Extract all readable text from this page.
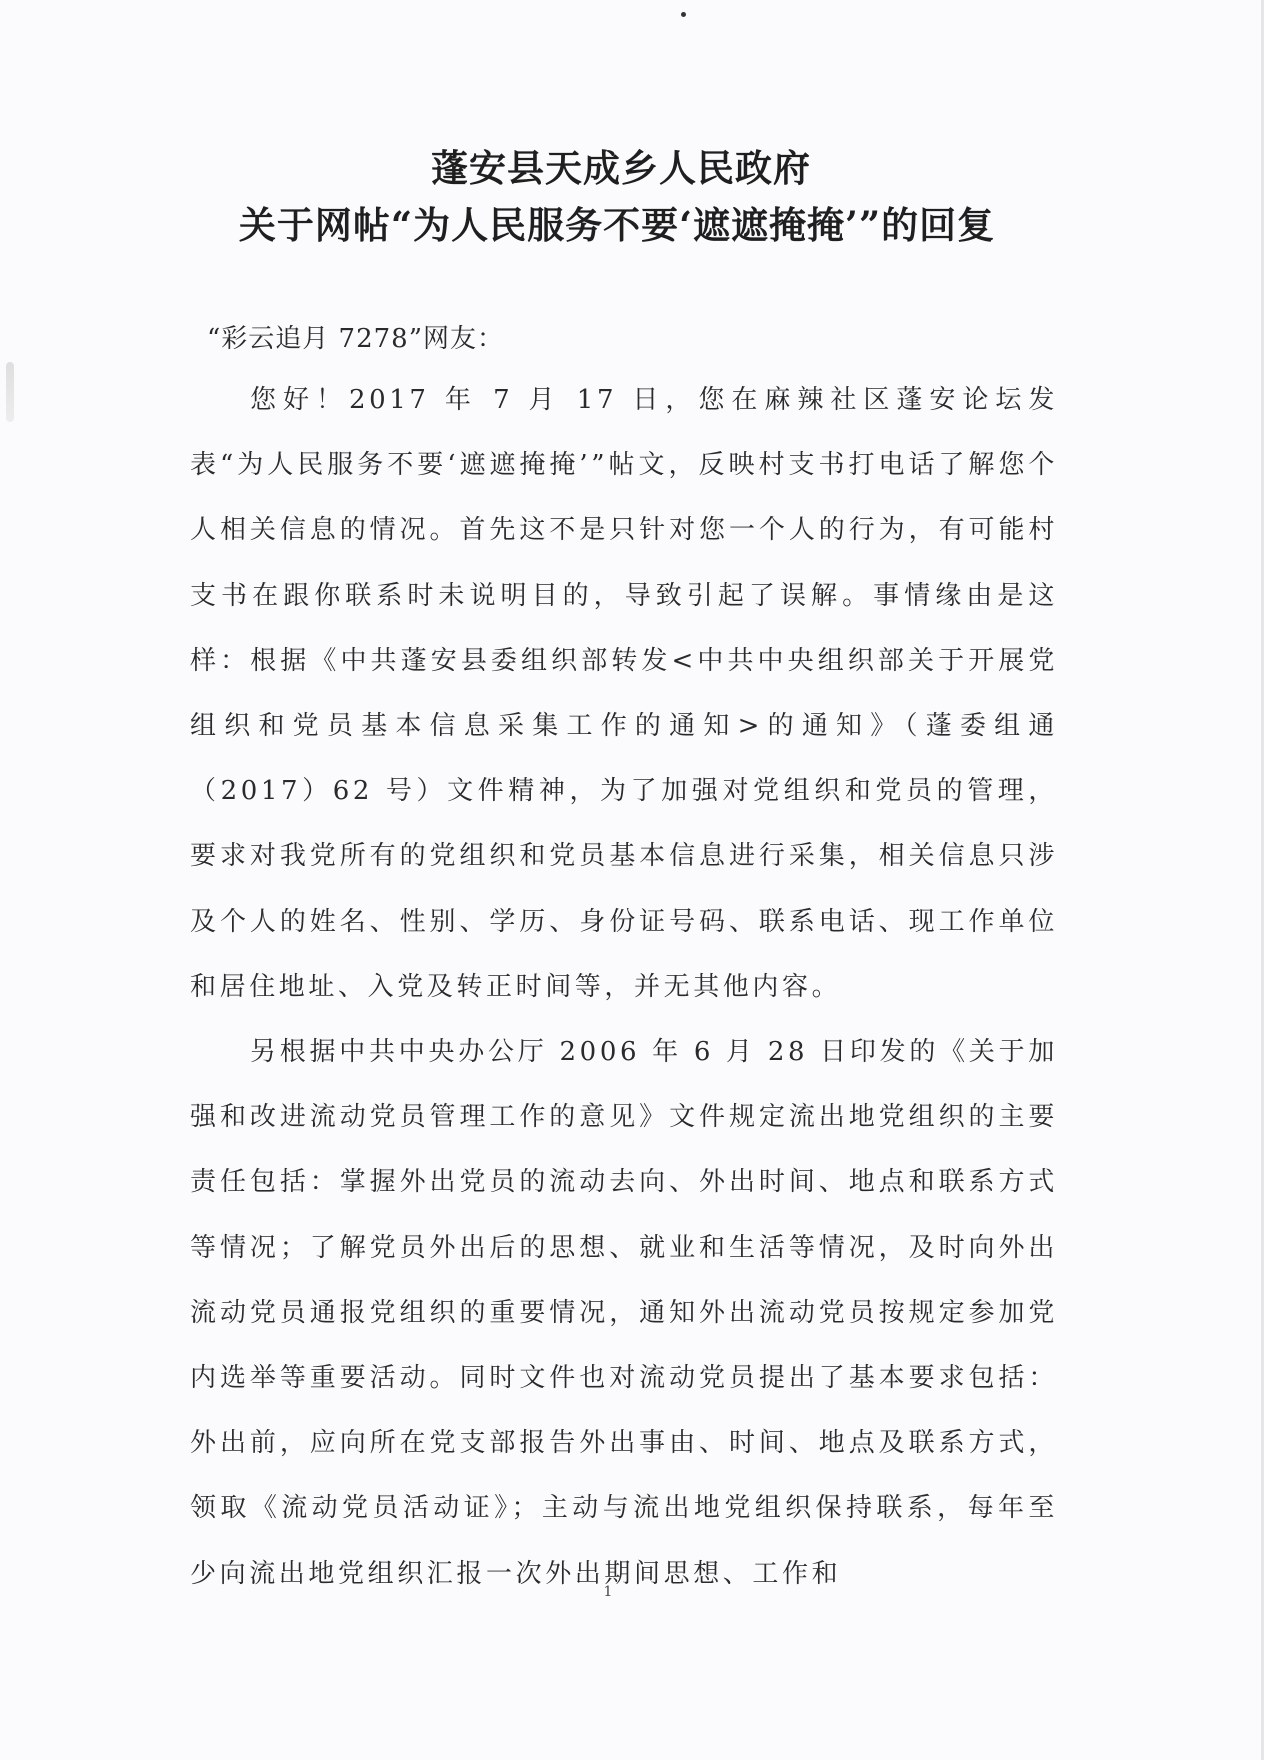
蓬安县天成乡人民政府
关于网帖“为人民服务不要‘遮遮掩掩’”的回复
“彩云追月 7278”网友：

您好！2017 年 7 月 17 日，您在麻辣社区蓬安论坛发表“为人民服务不要‘遮遮掩掩’”帖文，反映村支书打电话了解您个人相关信息的情况。首先这不是只针对您一个人的行为，有可能村支书在跟你联系时未说明目的，导致引起了误解。事情缘由是这样：根据《中共蓬安县委组织部转发<中共中央组织部关于开展党组织和党员基本信息采集工作的通知>的通知》（蓬委组通（2017）62 号）文件精神，为了加强对党组织和党员的管理，要求对我党所有的党组织和党员基本信息进行采集，相关信息只涉及个人的姓名、性别、学历、身份证号码、联系电话、现工作单位和居住地址、入党及转正时间等，并无其他内容。

另根据中共中央办公厅 2006 年 6 月 28 日印发的《关于加强和改进流动党员管理工作的意见》文件规定流出地党组织的主要责任包括：掌握外出党员的流动去向、外出时间、地点和联系方式等情况；了解党员外出后的思想、就业和生活等情况，及时向外出流动党员通报党组织的重要情况，通知外出流动党员按规定参加党内选举等重要活动。同时文件也对流动党员提出了基本要求包括：外出前，应向所在党支部报告外出事由、时间、地点及联系方式，领取《流动党员活动证》；主动与流出地党组织保持联系，每年至少向流出地党组织汇报一次外出期间思想、工作和

1
